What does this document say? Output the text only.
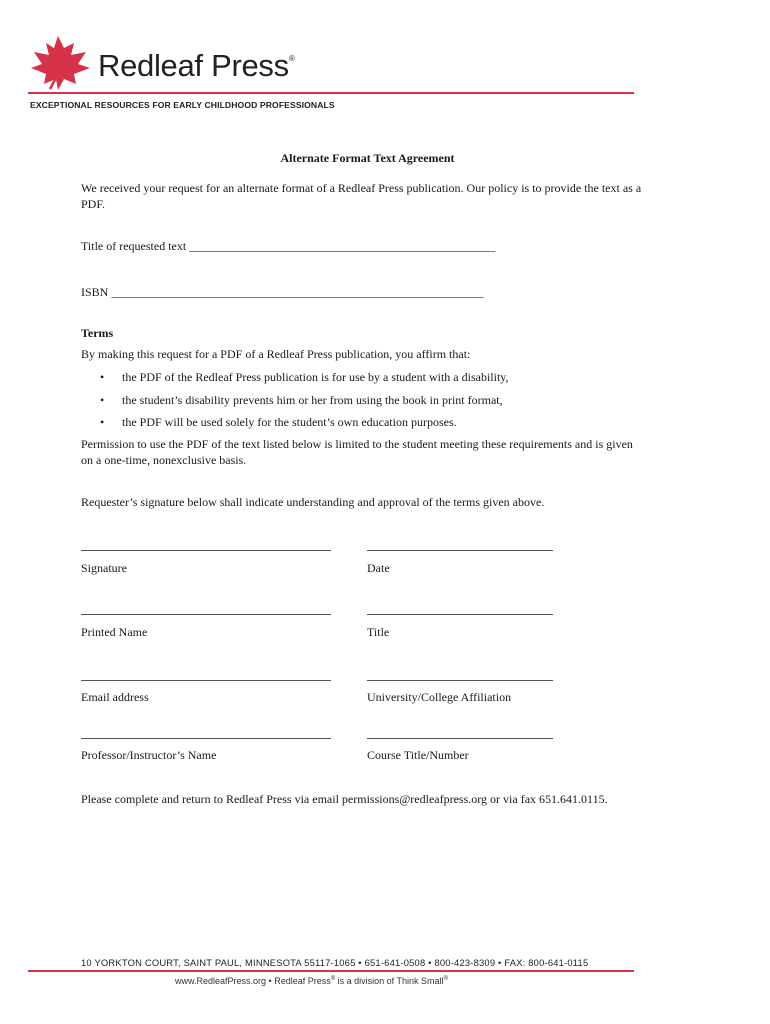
Redleaf Press®
EXCEPTIONAL RESOURCES FOR EARLY CHILDHOOD PROFESSIONALS
Alternate Format Text Agreement
We received your request for an alternate format of a Redleaf Press publication. Our policy is to provide the text as a PDF.
Title of requested text ___________________________________________________
ISBN ______________________________________________________________
Terms
By making this request for a PDF of a Redleaf Press publication, you affirm that:
• the PDF of the Redleaf Press publication is for use by a student with a disability,
• the student’s disability prevents him or her from using the book in print format,
• the PDF will be used solely for the student’s own education purposes.
Permission to use the PDF of the text listed below is limited to the student meeting these requirements and is given on a one-time, nonexclusive basis.
Requester’s signature below shall indicate understanding and approval of the terms given above.
Signature	Date
Printed Name	Title
Email address	University/College Affiliation
Professor/Instructor’s Name	Course Title/Number
Please complete and return to Redleaf Press via email permissions@redleafpress.org or via fax 651.641.0115.
10 YORKTON COURT, SAINT PAUL, MINNESOTA 55117-1065 • 651-641-0508 • 800-423-8309 • FAX: 800-641-0115
www.RedleafPress.org • Redleaf Press® is a division of Think Small®
